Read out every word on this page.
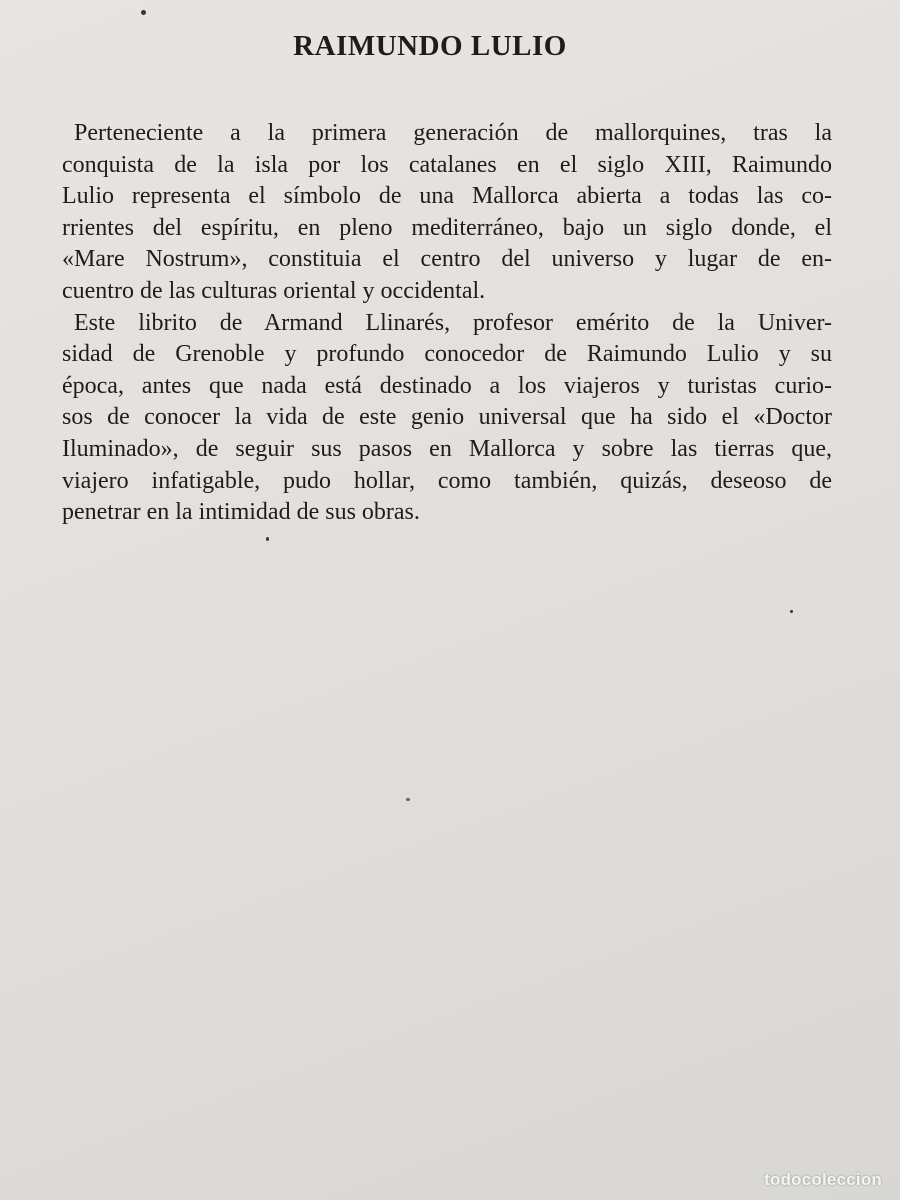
RAIMUNDO LULIO

Perteneciente a la primera generación de mallorquines, tras la
conquista de la isla por los catalanes en el siglo XIII, Raimundo
Lulio representa el símbolo de una Mallorca abierta a todas las co-
rrientes del espíritu, en pleno mediterráneo, bajo un siglo donde, el
«Mare Nostrum», constituia el centro del universo y lugar de en-
cuentro de las culturas oriental y occidental.

Este librito de Armand Llinarés, profesor emérito de la Univer-
sidad de Grenoble y profundo conocedor de Raimundo Lulio y su
época, antes que nada está destinado a los viajeros y turistas curio-
sos de conocer la vida de este genio universal que ha sido el «Doctor
Iluminado», de seguir sus pasos en Mallorca y sobre las tierras que,
viajero infatigable, pudo hollar, como también, quizás, deseoso de
penetrar en la intimidad de sus obras.

todocoleccion
